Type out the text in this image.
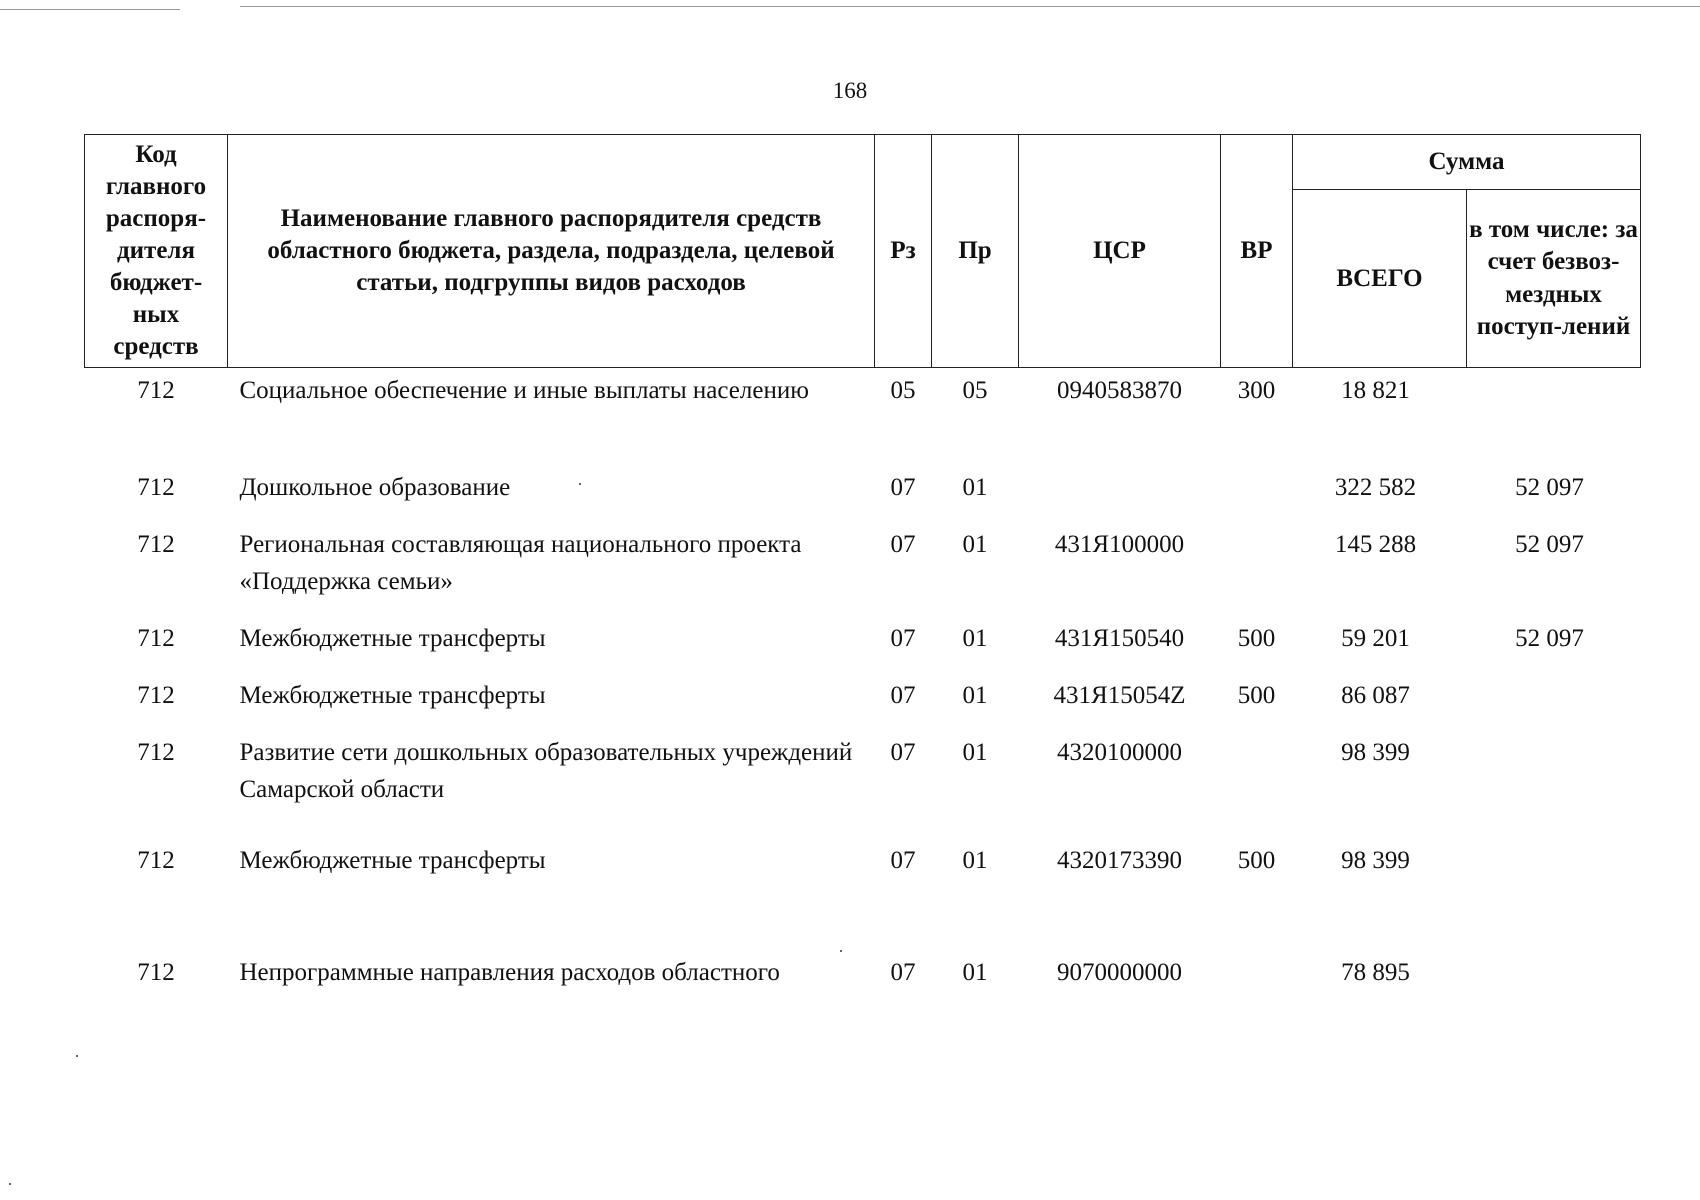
168
Код главного распоря-дителя бюджет-ных средств	Наименование главного распорядителя средств областного бюджета, раздела, подраздела, целевой статьи, подгруппы видов расходов	Рз	Пр	ЦСР	ВР	Сумма	
						ВСЕГО	в том числе: за счет безвоз-мездных поступ-лений
712	Социальное обеспечение и иные выплаты населению	05	05	0940583870	300	18 821	
712	Дошкольное образование	07	01			322 582	52 097
712	Региональная составляющая национального проекта «Поддержка семьи»	07	01	431Я100000		145 288	52 097
712	Межбюджетные трансферты	07	01	431Я150540	500	59 201	52 097
712	Межбюджетные трансферты	07	01	431Я15054Z	500	86 087	
712	Развитие сети дошкольных образовательных учреждений Самарской области	07	01	4320100000		98 399	
712	Межбюджетные трансферты	07	01	4320173390	500	98 399	
712	Непрограммные направления расходов областного	07	01	9070000000		78 895	
